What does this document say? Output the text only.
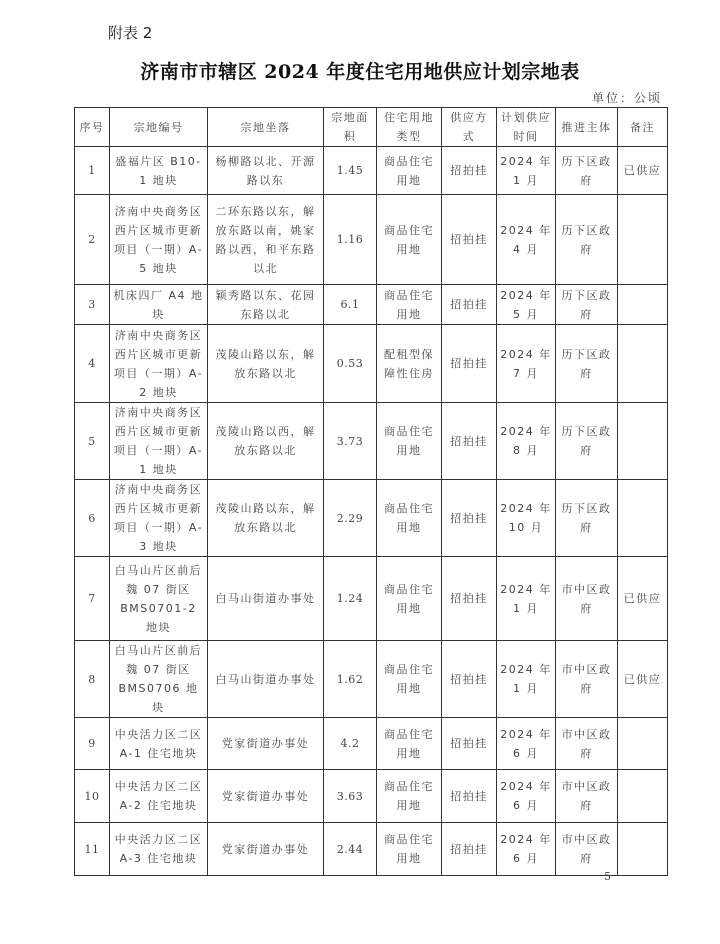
附表 2
济南市市辖区 2024 年度住宅用地供应计划宗地表
单位：公顷
序号	宗地编号	宗地坐落	宗地面积	住宅用地类型	供应方式	计划供应时间	推进主体	备注
1	盛福片区 B10-1 地块	杨柳路以北、开源路以东	1.45	商品住宅用地	招拍挂	2024 年 1 月	历下区政府	已供应
2	济南中央商务区西片区城市更新项目（一期）A-5 地块	二环东路以东，解放东路以南，姚家路以西，和平东路以北	1.16	商品住宅用地	招拍挂	2024 年 4 月	历下区政府	
3	机床四厂 A4 地块	颖秀路以东、花园东路以北	6.1	商品住宅用地	招拍挂	2024 年 5 月	历下区政府	
4	济南中央商务区西片区城市更新项目（一期）A-2 地块	茂陵山路以东，解放东路以北	0.53	配租型保障性住房	招拍挂	2024 年 7 月	历下区政府	
5	济南中央商务区西片区城市更新项目（一期）A-1 地块	茂陵山路以西，解放东路以北	3.73	商品住宅用地	招拍挂	2024 年 8 月	历下区政府	
6	济南中央商务区西片区城市更新项目（一期）A-3 地块	茂陵山路以东，解放东路以北	2.29	商品住宅用地	招拍挂	2024 年 10 月	历下区政府	
7	白马山片区前后魏 07 街区 BMS0701-2 地块	白马山街道办事处	1.24	商品住宅用地	招拍挂	2024 年 1 月	市中区政府	已供应
8	白马山片区前后魏 07 街区 BMS0706 地块	白马山街道办事处	1.62	商品住宅用地	招拍挂	2024 年 1 月	市中区政府	已供应
9	中央活力区二区 A-1 住宅地块	党家街道办事处	4.2	商品住宅用地	招拍挂	2024 年 6 月	市中区政府	
10	中央活力区二区 A-2 住宅地块	党家街道办事处	3.63	商品住宅用地	招拍挂	2024 年 6 月	市中区政府	
11	中央活力区二区 A-3 住宅地块	党家街道办事处	2.44	商品住宅用地	招拍挂	2024 年 6 月	市中区政府	
5
